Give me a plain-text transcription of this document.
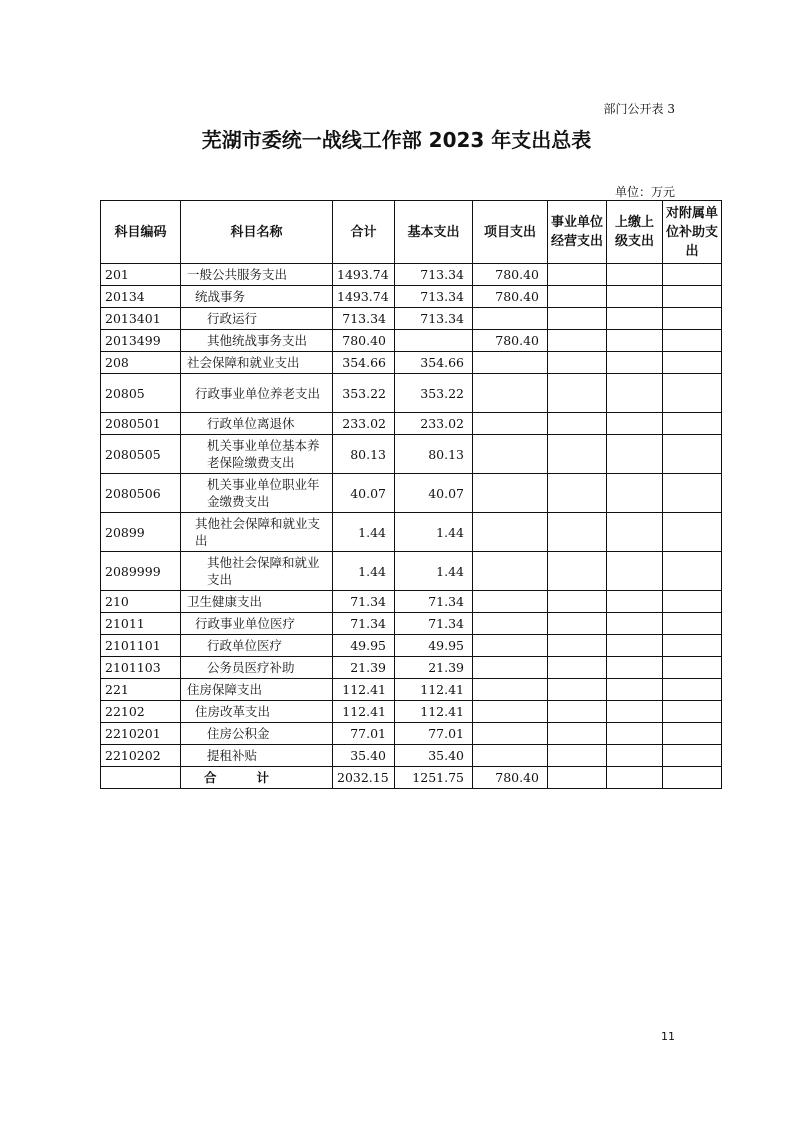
部门公开表 3
芜湖市委统一战线工作部 2023 年支出总表
单位：万元
科目编码	科目名称	合计	基本支出	项目支出	事业单位经营支出	上缴上级支出	对附属单位补助支出
201	一般公共服务支出	1493.74	713.34	780.40			
20134	统战事务	1493.74	713.34	780.40			
2013401	行政运行	713.34	713.34				
2013499	其他统战事务支出	780.40		780.40			
208	社会保障和就业支出	354.66	354.66				
20805	行政事业单位养老支出	353.22	353.22				
2080501	行政单位离退休	233.02	233.02				
2080505	机关事业单位基本养老保险缴费支出	80.13	80.13				
2080506	机关事业单位职业年金缴费支出	40.07	40.07				
20899	其他社会保障和就业支出	1.44	1.44				
2089999	其他社会保障和就业支出	1.44	1.44				
210	卫生健康支出	71.34	71.34				
21011	行政事业单位医疗	71.34	71.34				
2101101	行政单位医疗	49.95	49.95				
2101103	公务员医疗补助	21.39	21.39				
221	住房保障支出	112.41	112.41				
22102	住房改革支出	112.41	112.41				
2210201	住房公积金	77.01	77.01				
2210202	提租补贴	35.40	35.40				
	合计	2032.15	1251.75	780.40			
11
